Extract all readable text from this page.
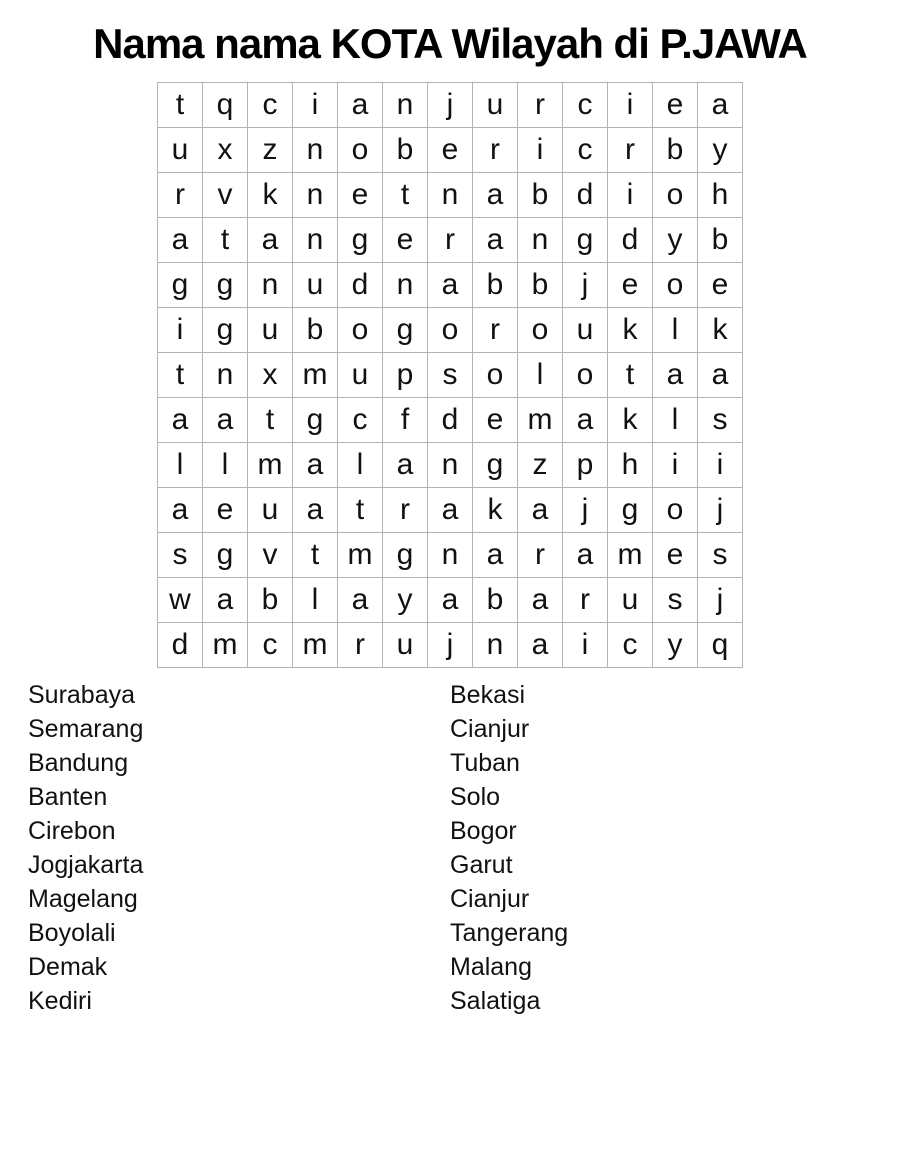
Nama nama KOTA Wilayah di P.JAWA
t	q	c	i	a	n	j	u	r	c	i	e	a
u	x	z	n	o	b	e	r	i	c	r	b	y
r	v	k	n	e	t	n	a	b	d	i	o	h
a	t	a	n	g	e	r	a	n	g	d	y	b
g	g	n	u	d	n	a	b	b	j	e	o	e
i	g	u	b	o	g	o	r	o	u	k	l	k
t	n	x	m	u	p	s	o	l	o	t	a	a
a	a	t	g	c	f	d	e	m	a	k	l	s
l	l	m	a	l	a	n	g	z	p	h	i	i
a	e	u	a	t	r	a	k	a	j	g	o	j
s	g	v	t	m	g	n	a	r	a	m	e	s
w	a	b	l	a	y	a	b	a	r	u	s	j
d	m	c	m	r	u	j	n	a	i	c	y	q
Surabaya
Semarang
Bandung
Banten
Cirebon
Jogjakarta
Magelang
Boyolali
Demak
Kediri
Bekasi
Cianjur
Tuban
Solo
Bogor
Garut
Cianjur
Tangerang
Malang
Salatiga
